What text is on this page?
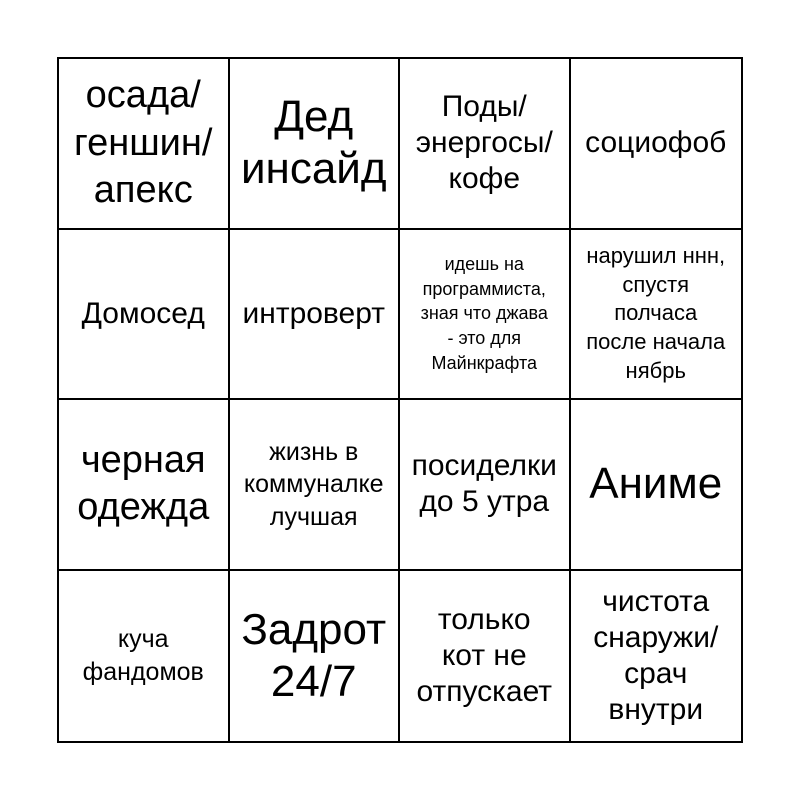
осада/
геншин/
апекс
Дед
инсайд
Поды/
энергосы/
кофе
социофоб
Домосед интроверт
идешь на
программиста,
зная что джава
- это для
Майнкрафта
нарушил ннн,
спустя
полчаса
после начала
нябрь
черная
одежда
жизнь в
коммуналке
лучшая
посиделки
до 5 утра Аниме
куча
фандомов
Задрот
24/7
только
кот не
отпускает
чистота
снаружи/
срач
внутри
